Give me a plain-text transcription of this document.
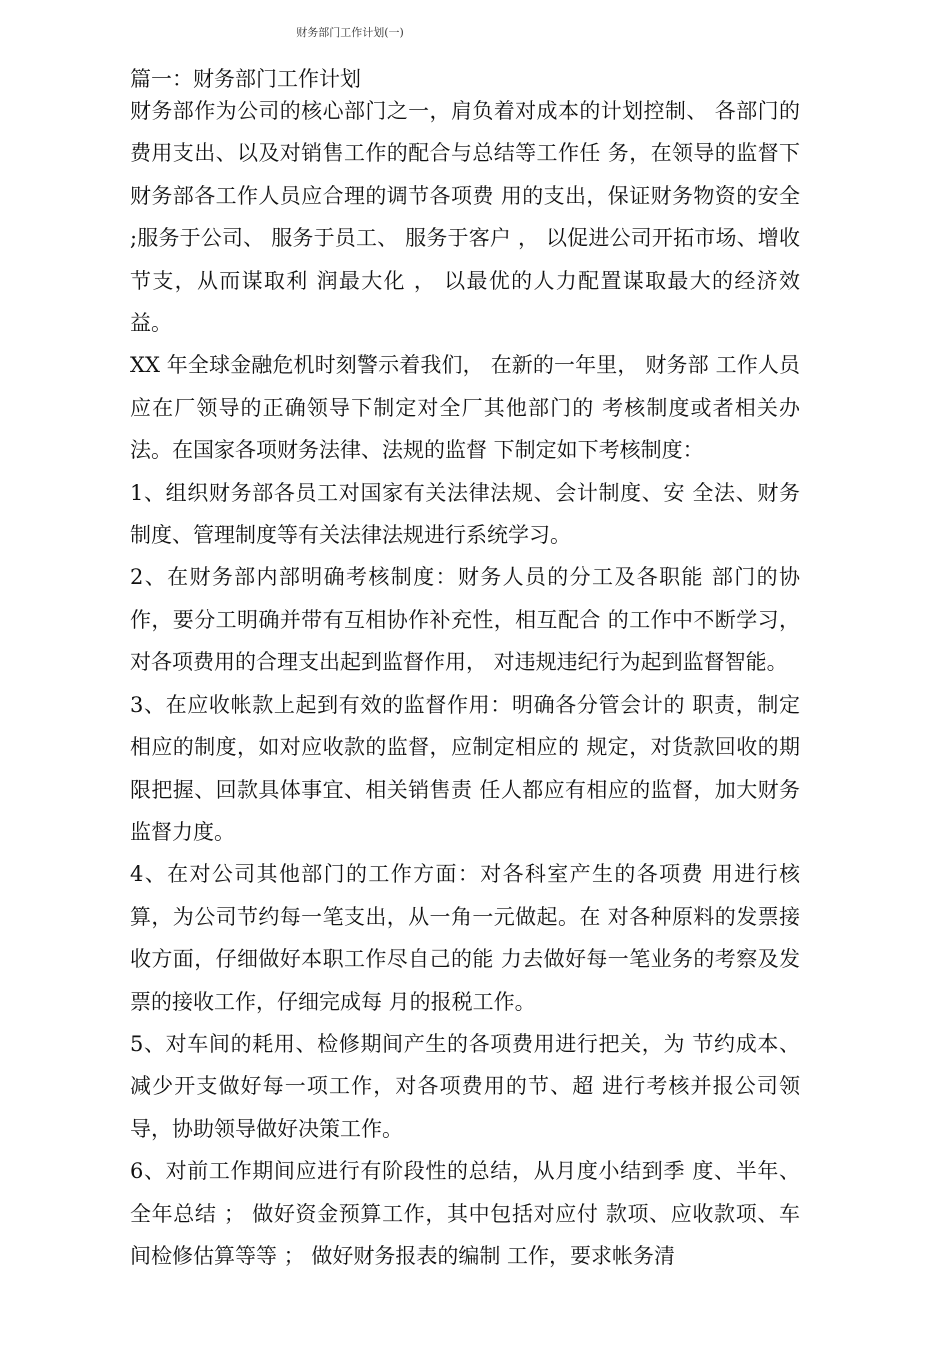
财务部门工作计划(一)
篇一：财务部门工作计划

财务部作为公司的核心部门之一，肩负着对成本的计划控制、 各部门的费用支出、以及对销售工作的配合与总结等工作任 务，在领导的监督下财务部各工作人员应合理的调节各项费 用的支出，保证财务物资的安全 ;服务于公司、 服务于员工、 服务于客户 ， 以促进公司开拓市场、增收节支，从而谋取利 润最大化 ， 以最优的人力配置谋取最大的经济效益。

XX 年全球金融危机时刻警示着我们， 在新的一年里， 财务部 工作人员应在厂领导的正确领导下制定对全厂其他部门的 考核制度或者相关办法。在国家各项财务法律、法规的监督 下制定如下考核制度：

1、组织财务部各员工对国家有关法律法规、会计制度、安 全法、财务制度、管理制度等有关法律法规进行系统学习。

2、在财务部内部明确考核制度：财务人员的分工及各职能 部门的协作，要分工明确并带有互相协作补充性，相互配合 的工作中不断学习，对各项费用的合理支出起到监督作用， 对违规违纪行为起到监督智能。

3、在应收帐款上起到有效的监督作用：明确各分管会计的 职责，制定相应的制度，如对应收款的监督，应制定相应的 规定，对货款回收的期限把握、回款具体事宜、相关销售责 任人都应有相应的监督，加大财务监督力度。

4、在对公司其他部门的工作方面：对各科室产生的各项费 用进行核算，为公司节约每一笔支出，从一角一元做起。在 对各种原料的发票接收方面，仔细做好本职工作尽自己的能 力去做好每一笔业务的考察及发票的接收工作，仔细完成每 月的报税工作。

5、对车间的耗用、检修期间产生的各项费用进行把关，为 节约成本、减少开支做好每一项工作，对各项费用的节、超 进行考核并报公司领导，协助领导做好决策工作。

6、对前工作期间应进行有阶段性的总结，从月度小结到季 度、半年、全年总结 ； 做好资金预算工作，其中包括对应付 款项、应收款项、车间检修估算等等 ； 做好财务报表的编制 工作，要求帐务清
